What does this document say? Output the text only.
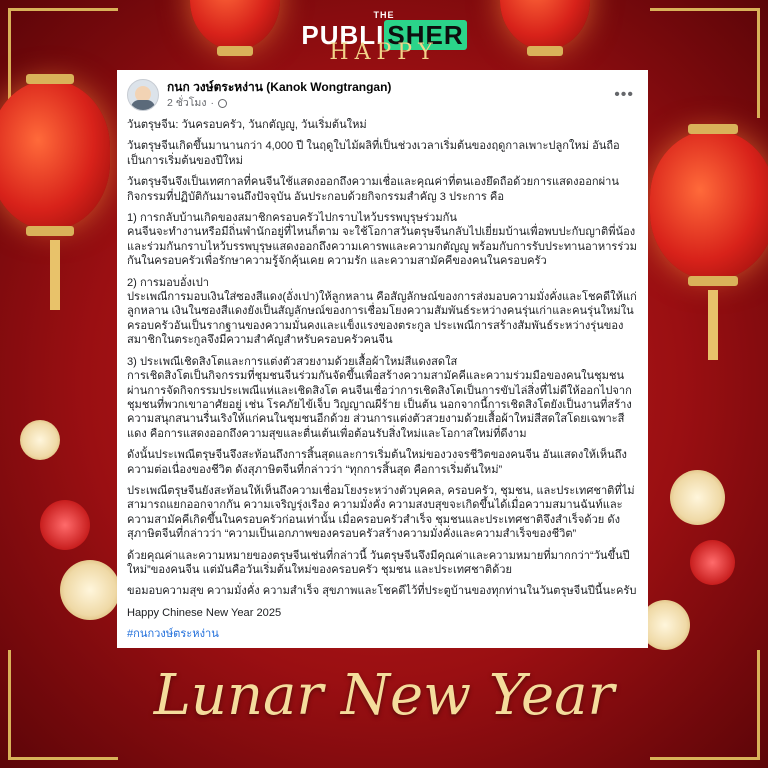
THE
PUBLI SHER
HAPPY
Lunar New Year
กนก วงษ์ตระหง่าน (Kanok Wongtrangan)
2 ชั่วโมง ·
•••

วันตรุษจีน: วันครอบครัว, วันกตัญญู, วันเริ่มต้นใหม่

วันตรุษจีนเกิดขึ้นมานานกว่า 4,000 ปี ในฤดูใบไม้ผลิที่เป็นช่วงเวลาเริ่มต้นของฤดูกาลเพาะปลูกใหม่ อันถือเป็นการเริ่มต้นของปีใหม่

วันตรุษจีนจึงเป็นเทศกาลที่คนจีนใช้แสดงออกถึงความเชื่อและคุณค่าที่ตนเองยึดถือด้วยการแสดงออกผ่านกิจกรรมที่ปฏิบัติกันมาจนถึงปัจจุบัน อันประกอบด้วยกิจกรรมสำคัญ 3 ประการ คือ

1) การกลับบ้านเกิดของสมาชิกครอบครัวไปกราบไหว้บรรพบุรุษร่วมกัน
คนจีนจะทำงานหรือมีถิ่นพำนักอยู่ที่ไหนก็ตาม จะใช้โอกาสวันตรุษจีนกลับไปเยี่ยมบ้านเพื่อพบปะกับญาติพี่น้อง และร่วมกันกราบไหว้บรรพบุรุษแสดงออกถึงความเคารพและความกตัญญู พร้อมกับการรับประทานอาหารร่วมกันในครอบครัวเพื่อรักษาความรู้จักคุ้นเคย ความรัก และความสามัคคีของคนในครอบครัว

2) การมอบอั่งเปา
ประเพณีการมอบเงินใส่ซองสีแดง(อั่งเปา)ให้ลูกหลาน คือสัญลักษณ์ของการส่งมอบความมั่งคั่งและโชคดีให้แก่ลูกหลาน เงินในซองสีแดงยังเป็นสัญลักษณ์ของการเชื่อมโยงความสัมพันธ์ระหว่างคนรุ่นเก่าและคนรุ่นใหม่ในครอบครัวอันเป็นรากฐานของความมั่นคงและแข็งแรงของตระกูล ประเพณีการสร้างสัมพันธ์ระหว่างรุ่นของสมาชิกในตระกูลจึงมีความสำคัญสำหรับครอบครัวคนจีน

3) ประเพณีเชิดสิงโตและการแต่งตัวสวยงามด้วยเสื้อผ้าใหม่สีแดงสดใส
การเชิดสิงโตเป็นกิจกรรมที่ชุมชนจีนร่วมกันจัดขึ้นเพื่อสร้างความสามัคคีและความร่วมมือของคนในชุมชนผ่านการจัดกิจกรรมประเพณีแห่และเชิดสิงโต คนจีนเชื่อว่าการเชิดสิงโตเป็นการขับไล่สิ่งที่ไม่ดีให้ออกไปจากชุมชนที่พวกเขาอาศัยอยู่ เช่น โรคภัยไข้เจ็บ วิญญาณผีร้าย เป็นต้น นอกจากนี้การเชิดสิงโตยังเป็นงานที่สร้างความสนุกสนานรื่นเริงให้แก่คนในชุมชนอีกด้วย ส่วนการแต่งตัวสวยงามด้วยเสื้อผ้าใหม่สีสดใสโดยเฉพาะสีแดง คือการแสดงออกถึงความสุขและตื่นเต้นเพื่อต้อนรับสิ่งใหม่และโอกาสใหม่ที่ดีงาม

ดังนั้นประเพณีตรุษจีนจึงสะท้อนถึงการสิ้นสุดและการเริ่มต้นใหม่ของวงจรชีวิตของคนจีน อันแสดงให้เห็นถึงความต่อเนื่องของชีวิต ดังสุภาษิตจีนที่กล่าวว่า “ทุกการสิ้นสุด คือการเริ่มต้นใหม่”

ประเพณีตรุษจีนยังสะท้อนให้เห็นถึงความเชื่อมโยงระหว่างตัวบุคคล, ครอบครัว, ชุมชน, และประเทศชาติที่ไม่สามารถแยกออกจากกัน ความเจริญรุ่งเรือง ความมั่งคั่ง ความสงบสุขจะเกิดขึ้นได้เมื่อความสมานฉันท์และความสามัคคีเกิดขึ้นในครอบครัวก่อนเท่านั้น เมื่อครอบครัวสำเร็จ ชุมชนและประเทศชาติจึงสำเร็จด้วย ดังสุภาษิตจีนที่กล่าวว่า “ความเป็นเอกภาพของครอบครัวสร้างความมั่งคั่งและความสำเร็จของชีวิต”

ด้วยคุณค่าและความหมายของตรุษจีนเช่นที่กล่าวนี้ วันตรุษจีนจึงมีคุณค่าและความหมายที่มากกว่า“วันขึ้นปีใหม่”ของคนจีน แต่มันคือวันเริ่มต้นใหม่ของครอบครัว ชุมชน และประเทศชาติด้วย

ขอมอบความสุข ความมั่งคั่ง ความสำเร็จ สุขภาพและโชคดีไว้ที่ประตูบ้านของทุกท่านในวันตรุษจีนปีนี้นะครับ

Happy Chinese New Year 2025

#กนกวงษ์ตระหง่าน
